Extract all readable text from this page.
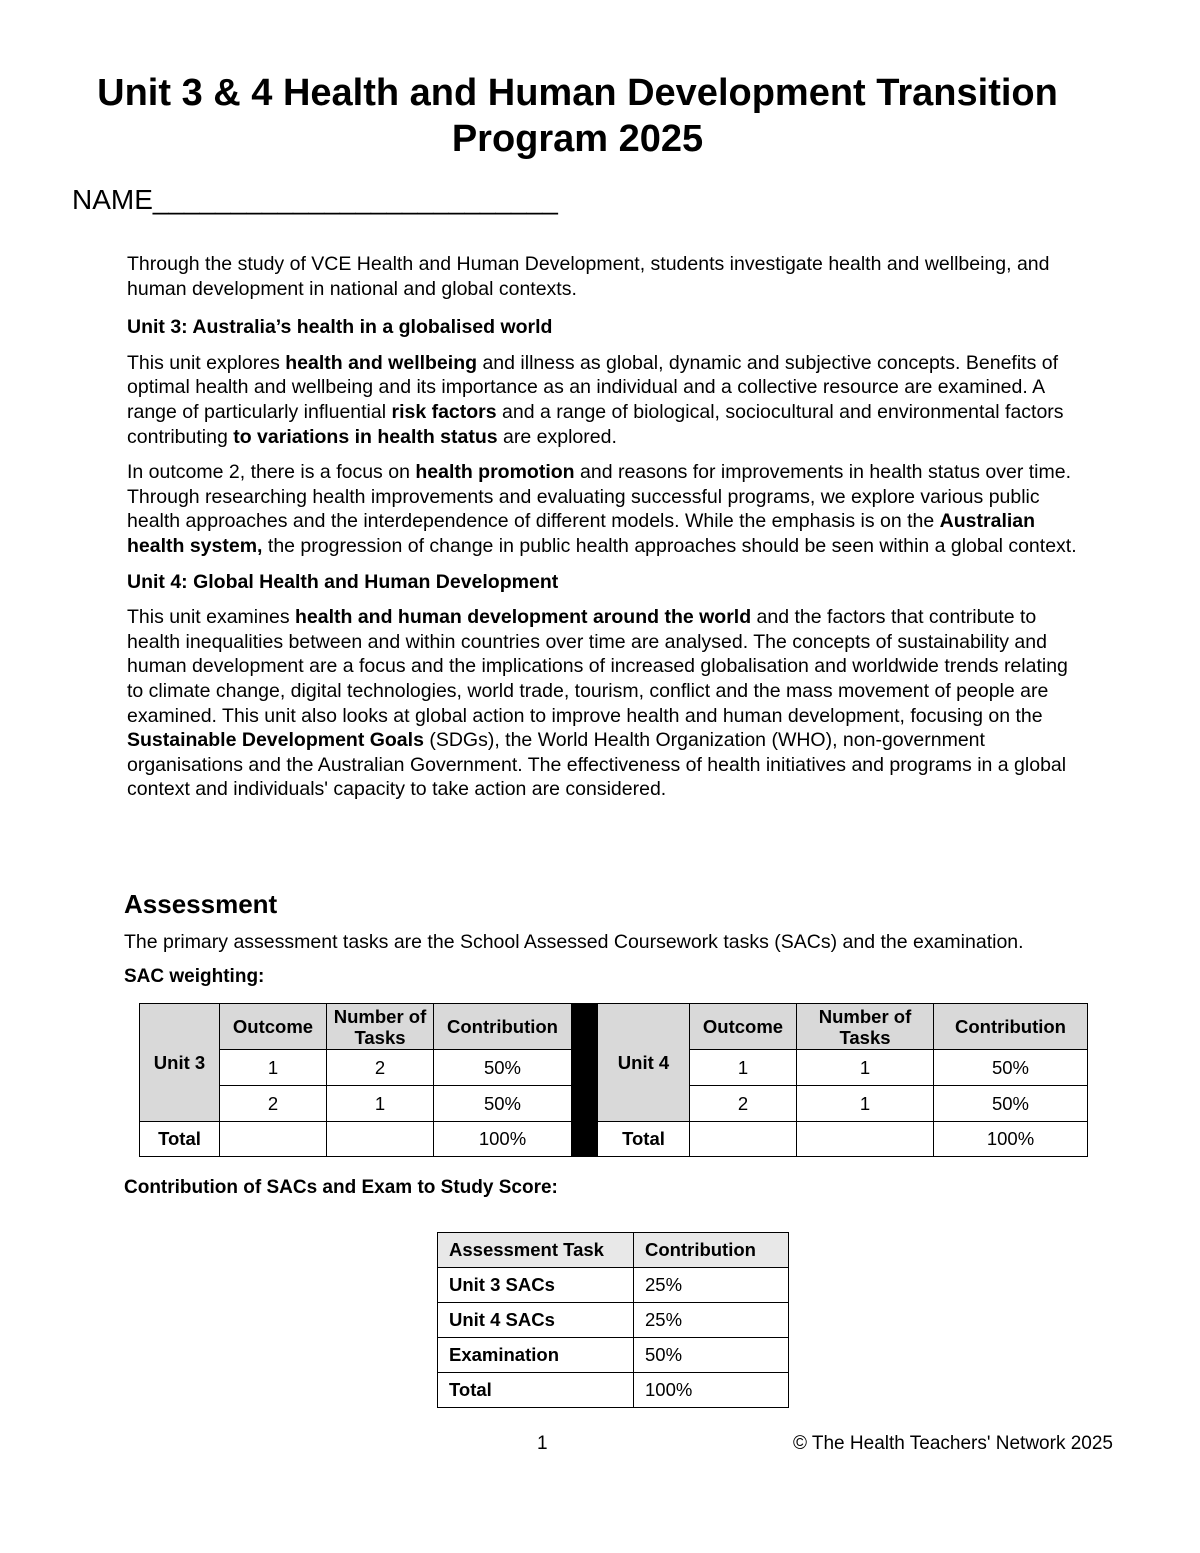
Unit 3 & 4 Health and Human Development Transition Program 2025
NAME__________________________

Through the study of VCE Health and Human Development, students investigate health and wellbeing, and human development in national and global contexts.

Unit 3: Australia’s health in a globalised world

This unit explores health and wellbeing and illness as global, dynamic and subjective concepts. Benefits of optimal health and wellbeing and its importance as an individual and a collective resource are examined. A range of particularly influential risk factors and a range of biological, sociocultural and environmental factors contributing to variations in health status are explored.

In outcome 2, there is a focus on health promotion and reasons for improvements in health status over time. Through researching health improvements and evaluating successful programs, we explore various public health approaches and the interdependence of different models. While the emphasis is on the Australian health system, the progression of change in public health approaches should be seen within a global context.

Unit 4: Global Health and Human Development

This unit examines health and human development around the world and the factors that contribute to health inequalities between and within countries over time are analysed. The concepts of sustainability and human development are a focus and the implications of increased globalisation and worldwide trends relating to climate change, digital technologies, world trade, tourism, conflict and the mass movement of people are examined. This unit also looks at global action to improve health and human development, focusing on the Sustainable Development Goals (SDGs), the World Health Organization (WHO), non-government organisations and the Australian Government. The effectiveness of health initiatives and programs in a global context and individuals' capacity to take action are considered.

Assessment

The primary assessment tasks are the School Assessed Coursework tasks (SACs) and the examination.

SAC weighting:

Unit 3	Outcome	Number of Tasks	Contribution		Unit 4	Outcome	Number of Tasks	Contribution
	1	2	50%			1	1	50%
	2	1	50%			2	1	50%
Total			100%		Total			100%

Contribution of SACs and Exam to Study Score:

Assessment Task	Contribution
Unit 3 SACs	25%
Unit 4 SACs	25%
Examination	50%
Total	100%
1	© The Health Teachers' Network 2025
